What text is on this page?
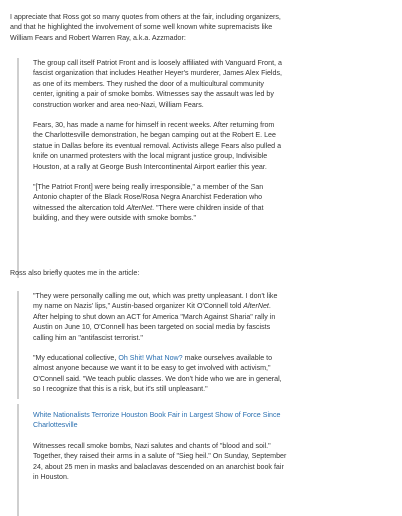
I appreciate that Ross got so many quotes from others at the fair, including organizers,
and that he highlighted the involvement of some well known white supremacists like
William Fears and Robert Warren Ray, a.k.a. Azzmador:

The group call itself Patriot Front and is loosely affiliated with Vanguard Front, a
fascist organization that includes Heather Heyer's murderer, James Alex Fields,
as one of its members. They rushed the door of a multicultural community
center, igniting a pair of smoke bombs. Witnesses say the assault was led by
construction worker and area neo-Nazi, William Fears.

Fears, 30, has made a name for himself in recent weeks. After returning from
the Charlottesville demonstration, he began camping out at the Robert E. Lee
statue in Dallas before its eventual removal. Activists allege Fears also pulled a
knife on unarmed protesters with the local migrant justice group, Indivisible
Houston, at a rally at George Bush Intercontinental Airport earlier this year.

"[The Patriot Front] were being really irresponsible," a member of the San
Antonio chapter of the Black Rose/Rosa Negra Anarchist Federation who
witnessed the altercation told AlterNet. "There were children inside of that
building, and they were outside with smoke bombs."

Ross also briefly quotes me in the article:

"They were personally calling me out, which was pretty unpleasant. I don't like
my name on Nazis' lips," Austin-based organizer Kit O'Connell told AlterNet.
After helping to shut down an ACT for America "March Against Sharia" rally in
Austin on June 10, O'Connell has been targeted on social media by fascists
calling him an "antifascist terrorist."

"My educational collective, Oh Shit! What Now? make ourselves available to
almost anyone because we want it to be easy to get involved with activism,"
O'Connell said. "We teach public classes. We don't hide who we are in general,
so I recognize that this is a risk, but it's still unpleasant."

White Nationalists Terrorize Houston Book Fair in Largest Show of Force Since
Charlottesville

Witnesses recall smoke bombs, Nazi salutes and chants of "blood and soil."
Together, they raised their arms in a salute of "Sieg heil." On Sunday, September
24, about 25 men in masks and balaclavas descended on an anarchist book fair
in Houston.
